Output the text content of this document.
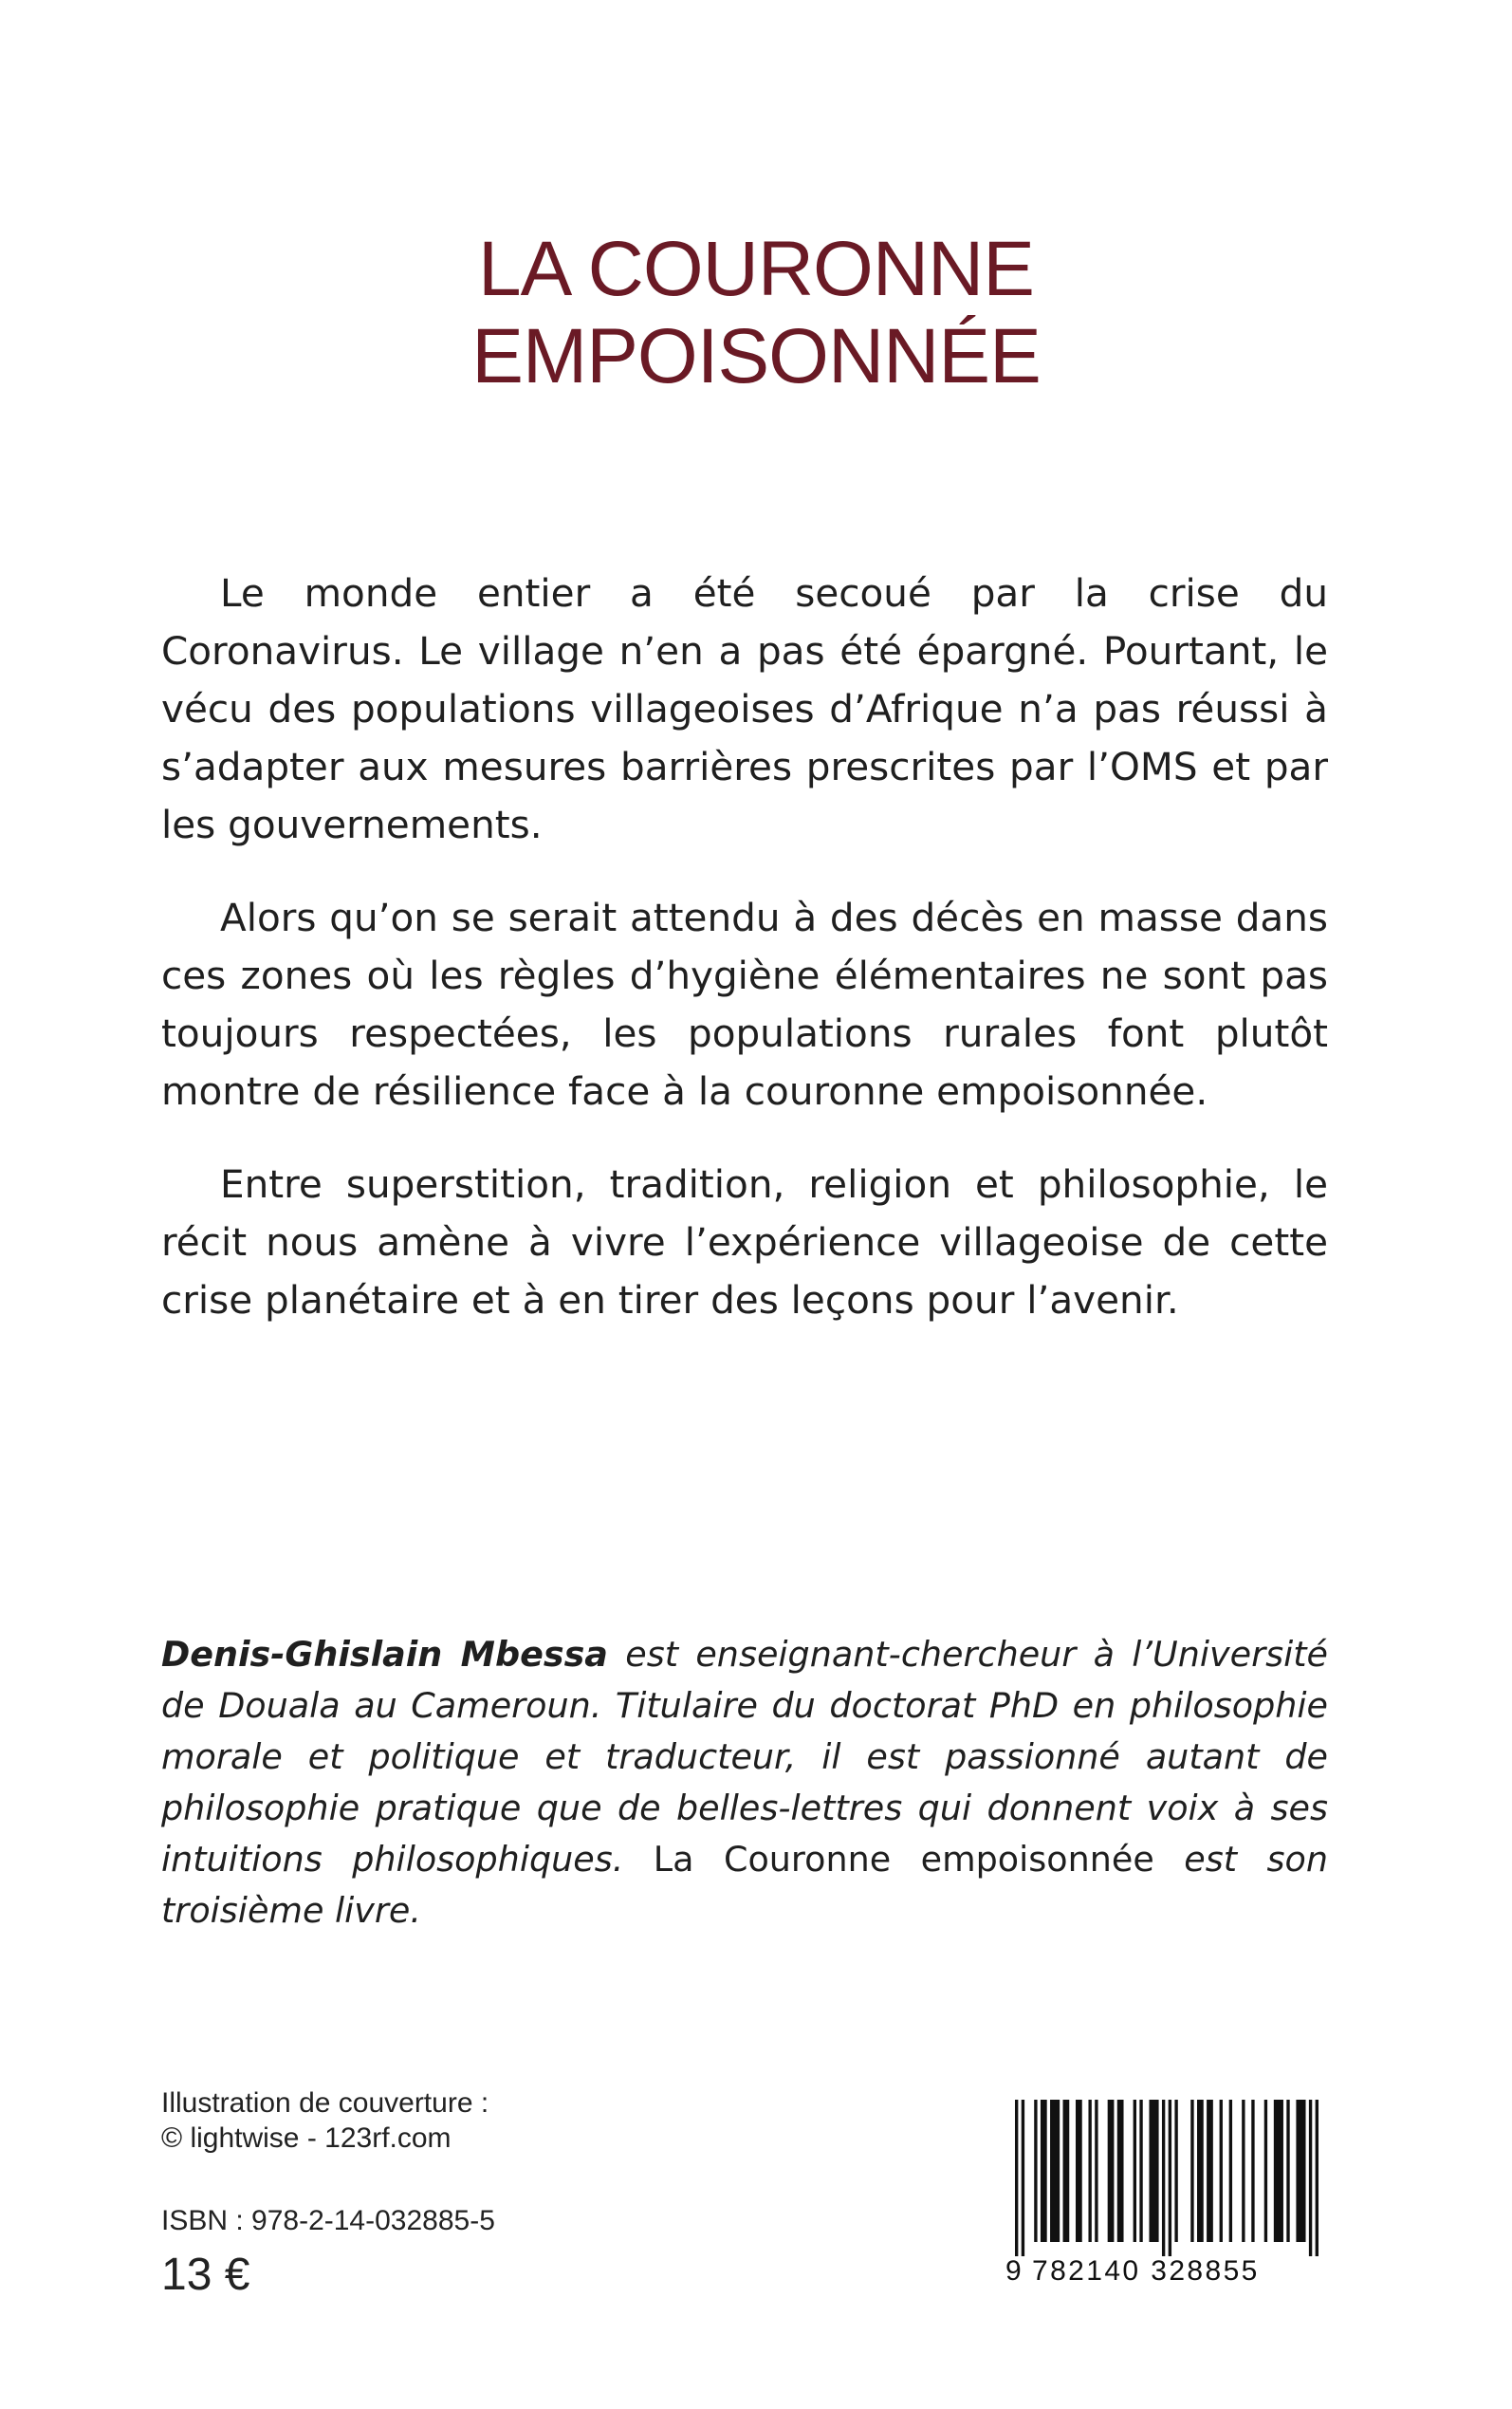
LA COURONNE
EMPOISONNÉE

Le monde entier a été secoué par la crise du Coronavirus. Le village n’en a pas été épargné. Pourtant, le vécu des populations villageoises d’Afrique n’a pas réussi à s’adapter aux mesures barrières prescrites par l’OMS et par les gouvernements.

Alors qu’on se serait attendu à des décès en masse dans ces zones où les règles d’hygiène élémentaires ne sont pas toujours respectées, les populations rurales font plutôt montre de résilience face à la couronne empoisonnée.

Entre superstition, tradition, religion et philosophie, le récit nous amène à vivre l’expérience villageoise de cette crise planétaire et à en tirer des leçons pour l’avenir.

Denis-Ghislain Mbessa est enseignant-chercheur à l’Université de Douala au Cameroun. Titulaire du doctorat PhD en philosophie morale et politique et traducteur, il est passionné autant de philosophie pratique que de belles-lettres qui donnent voix à ses intuitions philosophiques. La Couronne empoisonnée est son troisième livre.
Illustration de couverture :
© lightwise - 123rf.com
ISBN : 978-2-14-032885-5
13 €	9 782140 328855
